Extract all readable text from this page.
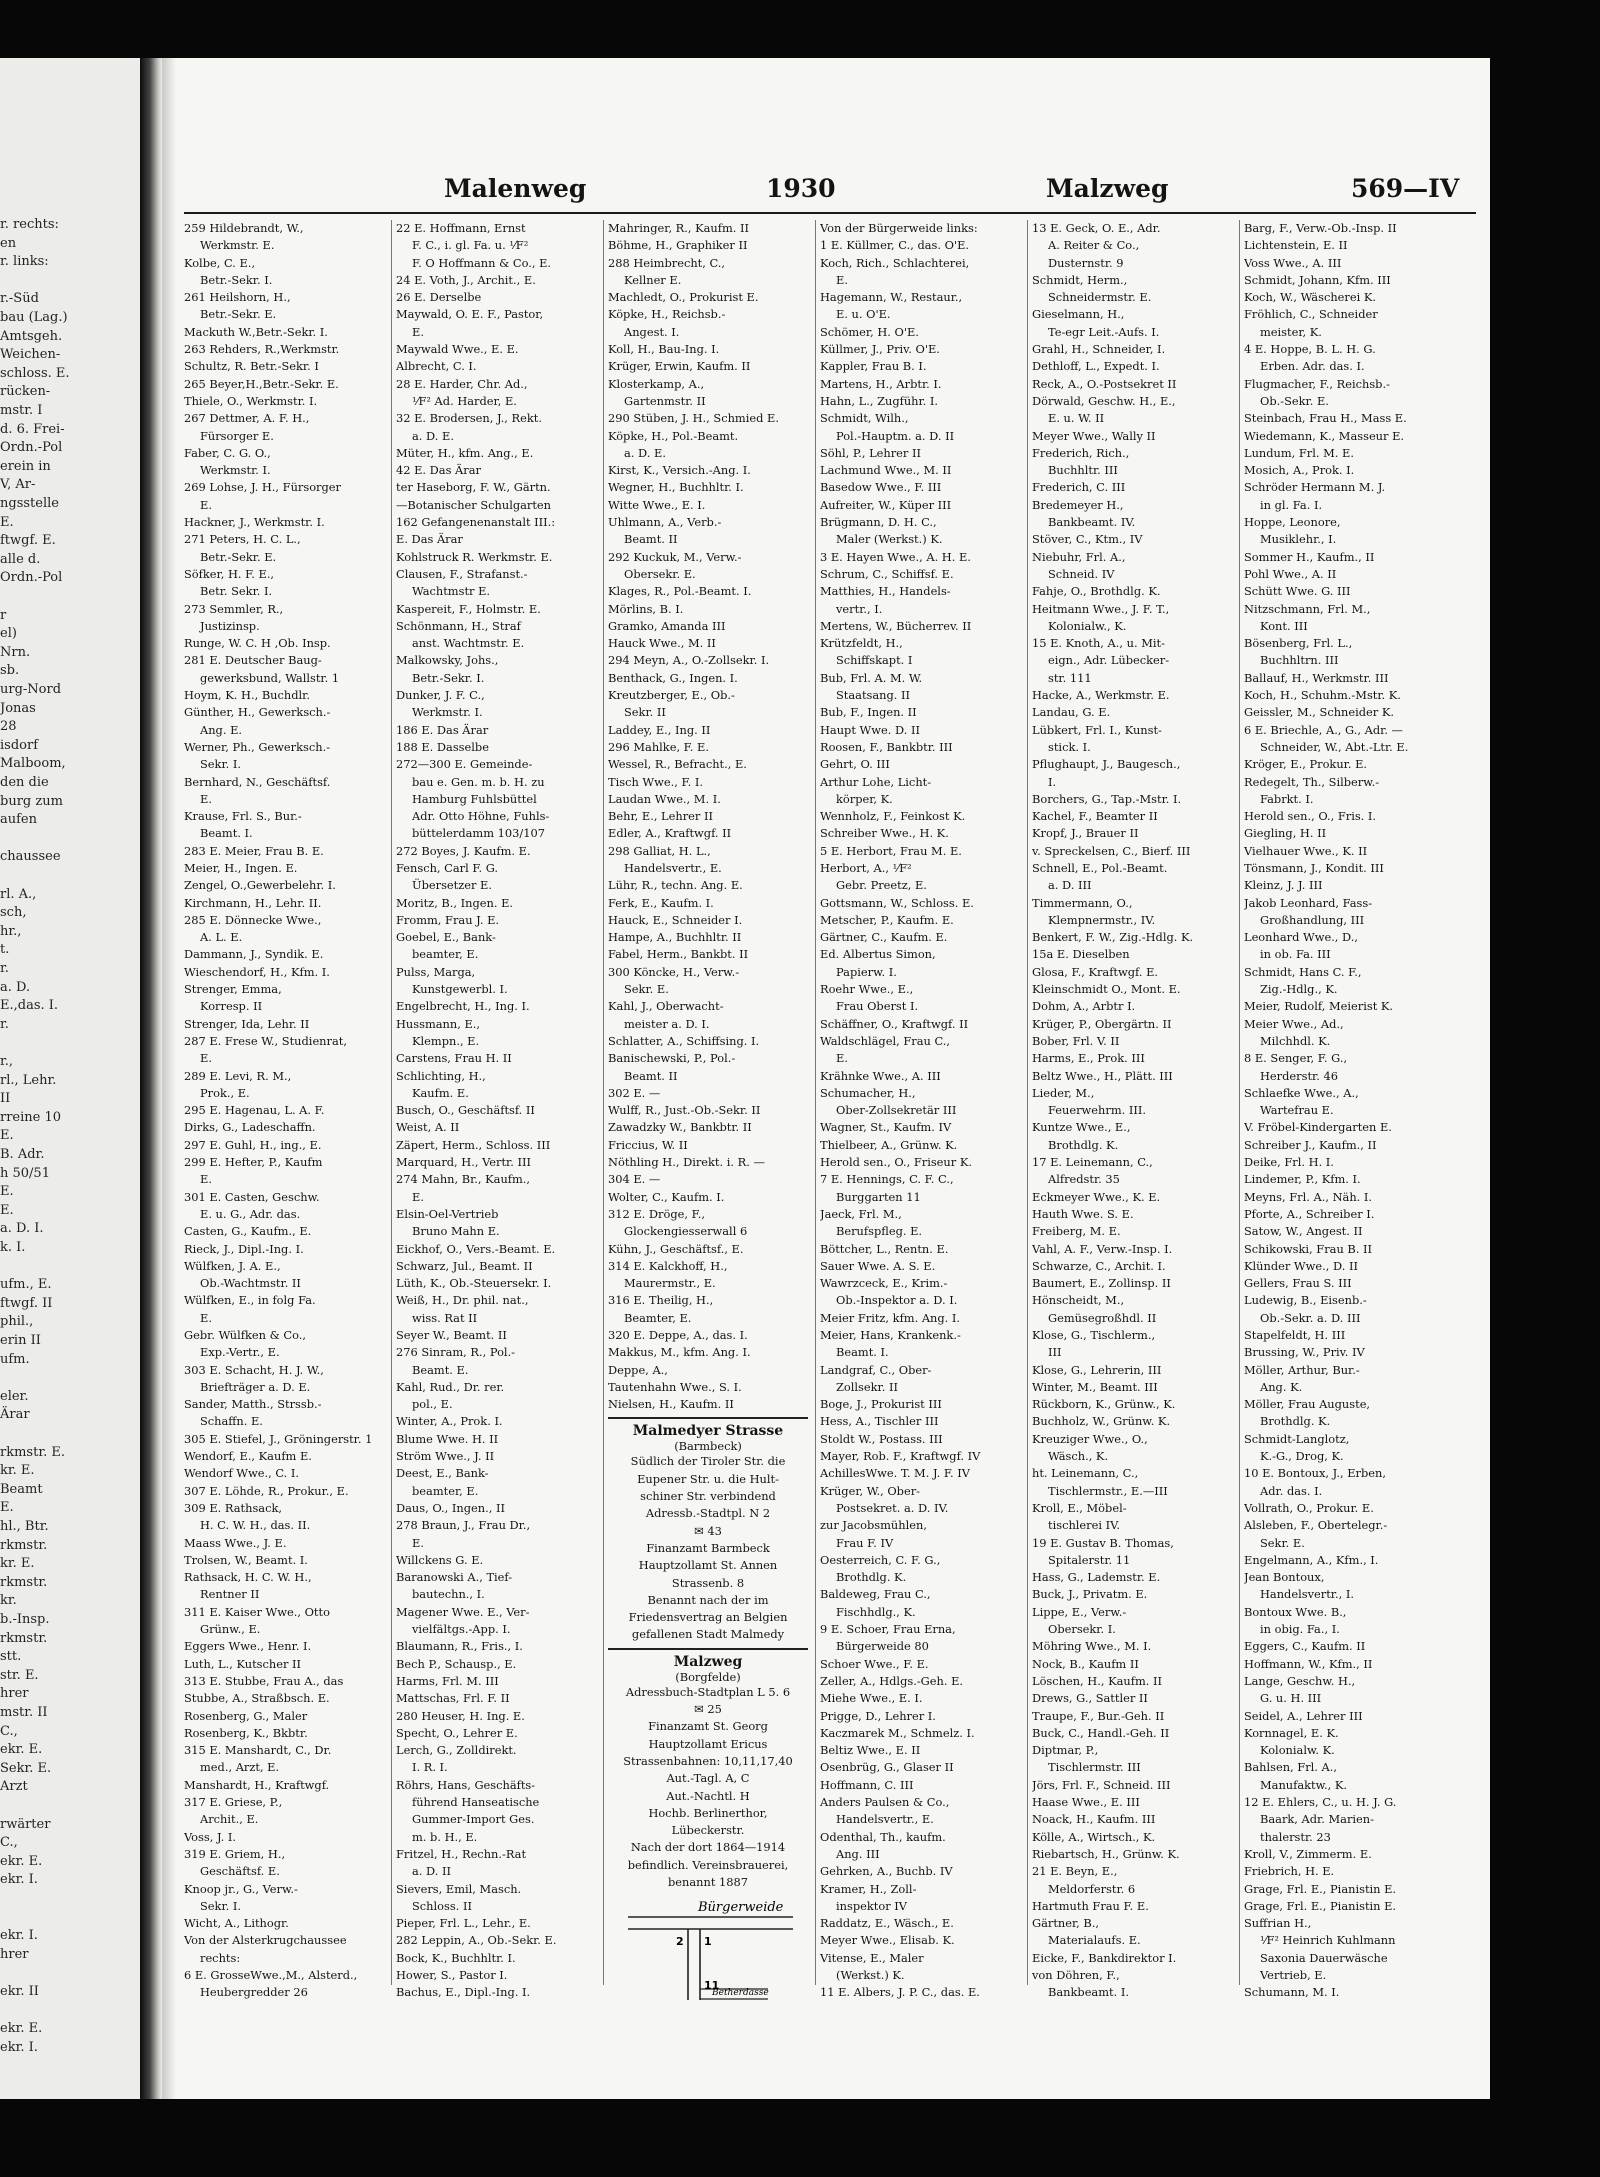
r. rechts:
en
r. links:
r.-Süd
bau (Lag.)
Amtsgeh.
Weichen-
schloss. E.
rücken-
mstr. I
d. 6. Frei-
Ordn.-Pol
erein in
V, Ar-
ngsstelle
E.
ftwgf. E.
alle d.
Ordn.-Pol
r
el)
Nrn.
sb.
urg-Nord
Jonas
28
isdorf
Malboom,
den die
burg zum
aufen
chaussee
rl. A.,
sch,
hr.,
t.
r.
a. D.
E.,das. I.
r.
r.,
rl., Lehr.
II
rreine 10
E.
B. Adr.
h 50/51
E.
E.
a. D. I.
k. I.
ufm., E.
ftwgf. II
phil.,
erin II
ufm.
eler.
Ärar
rkmstr. E.
kr. E.
Beamt
E.
hl., Btr.
rkmstr.
kr. E.
rkmstr.
kr.
b.-Insp.
rkmstr.
stt.
str. E.
hrer
mstr. II
C.,
ekr. E.
Sekr. E.
Arzt
rwärter
C.,
ekr. E.
ekr. I.
ekr. I.
hrer
ekr. II
ekr. E.
ekr. I.
Malenweg	1930	Malzweg	569—IV
259 Hildebrandt, W.,
Werkmstr. E.
Kolbe, C. E.,
Betr.-Sekr. I.
261 Heilshorn, H.,
Betr.-Sekr. E.
Mackuth W.,Betr.-Sekr. I.
263 Rehders, R.,Werkmstr.
Schultz, R. Betr.-Sekr. I
265 Beyer,H.,Betr.-Sekr. E.
Thiele, O., Werkmstr. I.
267 Dettmer, A. F. H.,
Fürsorger E.
Faber, C. G. O.,
Werkmstr. I.
269 Lohse, J. H., Fürsorger
E.
Hackner, J., Werkmstr. I.
271 Peters, H. C. L.,
Betr.-Sekr. E.
Söfker, H. F. E.,
Betr. Sekr. I.
273 Semmler, R.,
Justizinsp.
Runge, W. C. H ,Ob. Insp.
281 E. Deutscher Baug-
gewerksbund, Wallstr. 1
Hoym, K. H., Buchdlr.
Günther, H., Gewerksch.-
Ang. E.
Werner, Ph., Gewerksch.-
Sekr. I.
Bernhard, N., Geschäftsf.
E.
Krause, Frl. S., Bur.-
Beamt. I.
283 E. Meier, Frau B. E.
Meier, H., Ingen. E.
Zengel, O.,Gewerbelehr. I.
Kirchmann, H., Lehr. II.
285 E. Dönnecke Wwe.,
A. L. E.
Dammann, J., Syndik. E.
Wieschendorf, H., Kfm. I.
Strenger, Emma,
Korresp. II
Strenger, Ida, Lehr. II
287 E. Frese W., Studienrat,
E.
289 E. Levi, R. M.,
Prok., E.
295 E. Hagenau, L. A. F.
Dirks, G., Ladeschaffn.
297 E. Guhl, H., ing., E.
299 E. Hefter, P., Kaufm
E.
301 E. Casten, Geschw.
E. u. G., Adr. das.
Casten, G., Kaufm., E.
Rieck, J., Dipl.-Ing. I.
Wülfken, J. A. E.,
Ob.-Wachtmstr. II
Wülfken, E., in folg Fa.
E.
Gebr. Wülfken & Co.,
Exp.-Vertr., E.
303 E. Schacht, H. J. W.,
Briefträger a. D. E.
Sander, Matth., Strssb.-
Schaffn. E.
305 E. Stiefel, J., Gröningerstr. 1
Wendorf, E., Kaufm E.
Wendorf Wwe., C. I.
307 E. Löhde, R., Prokur., E.
309 E. Rathsack,
H. C. W. H., das. II.
Maass Wwe., J. E.
Trolsen, W., Beamt. I.
Rathsack, H. C. W. H.,
Rentner II
311 E. Kaiser Wwe., Otto
Grünw., E.
Eggers Wwe., Henr. I.
Luth, L., Kutscher II
313 E. Stubbe, Frau A., das
Stubbe, A., Straßbsch. E.
Rosenberg, G., Maler
Rosenberg, K., Bkbtr.
315 E. Manshardt, C., Dr.
med., Arzt, E.
Manshardt, H., Kraftwgf.
317 E. Griese, P.,
Archit., E.
Voss, J. I.
319 E. Griem, H.,
Geschäftsf. E.
Knoop jr., G., Verw.-
Sekr. I.
Wicht, A., Lithogr.
Von der Alsterkrugchaussee
rechts:
6 E. GrosseWwe.,M., Alsterd.,
Heubergredder 26
22 E. Hoffmann, Ernst
F. C., i. gl. Fa. u. ¹⁄F²
F. O Hoffmann & Co., E.
24 E. Voth, J., Archit., E.
26 E. Derselbe
Maywald, O. E. F., Pastor,
E.
Maywald Wwe., E. E.
Albrecht, C. I.
28 E. Harder, Chr. Ad.,
¹⁄F² Ad. Harder, E.
32 E. Brodersen, J., Rekt.
a. D. E.
Müter, H., kfm. Ang., E.
42 E. Das Ärar
ter Haseborg, F. W., Gärtn.
—Botanischer Schulgarten
162 Gefangenenanstalt III.:
E. Das Ärar
Kohlstruck R. Werkmstr. E.
Clausen, F., Strafanst.-
Wachtmstr E.
Kaspereit, F., Holmstr. E.
Schönmann, H., Straf
anst. Wachtmstr. E.
Malkowsky, Johs.,
Betr.-Sekr. I.
Dunker, J. F. C.,
Werkmstr. I.
186 E. Das Ärar
188 E. Dasselbe
272—300 E. Gemeinde-
bau e. Gen. m. b. H. zu
Hamburg Fuhlsbüttel
Adr. Otto Höhne, Fuhls-
büttelerdamm 103/107
272 Boyes, J. Kaufm. E.
Fensch, Carl F. G.
Übersetzer E.
Moritz, B., Ingen. E.
Fromm, Frau J. E.
Goebel, E., Bank-
beamter, E.
Pulss, Marga,
Kunstgewerbl. I.
Engelbrecht, H., Ing. I.
Hussmann, E.,
Klempn., E.
Carstens, Frau H. II
Schlichting, H.,
Kaufm. E.
Busch, O., Geschäftsf. II
Weist, A. II
Zäpert, Herm., Schloss. III
Marquard, H., Vertr. III
274 Mahn, Br., Kaufm.,
E.
Elsin-Oel-Vertrieb
Bruno Mahn E.
Eickhof, O., Vers.-Beamt. E.
Schwarz, Jul., Beamt. II
Lüth, K., Ob.-Steuersekr. I.
Weiß, H., Dr. phil. nat.,
wiss. Rat II
Seyer W., Beamt. II
276 Sinram, R., Pol.-
Beamt. E.
Kahl, Rud., Dr. rer.
pol., E.
Winter, A., Prok. I.
Blume Wwe. H. II
Ström Wwe., J. II
Deest, E., Bank-
beamter, E.
Daus, O., Ingen., II
278 Braun, J., Frau Dr.,
E.
Willckens G. E.
Baranowski A., Tief-
bautechn., I.
Magener Wwe. E., Ver-
vielfältgs.-App. I.
Blaumann, R., Fris., I.
Bech P., Schausp., E.
Harms, Frl. M. III
Mattschas, Frl. F. II
280 Heuser, H. Ing. E.
Specht, O., Lehrer E.
Lerch, G., Zolldirekt.
I. R. I.
Röhrs, Hans, Geschäfts-
führend Hanseatische
Gummer-Import Ges.
m. b. H., E.
Fritzel, H., Rechn.-Rat
a. D. II
Sievers, Emil, Masch.
Schloss. II
Pieper, Frl. L., Lehr., E.
282 Leppin, A., Ob.-Sekr. E.
Bock, K., Buchhltr. I.
Hower, S., Pastor I.
Bachus, E., Dipl.-Ing. I.
Mahringer, R., Kaufm. II
Böhme, H., Graphiker II
288 Heimbrecht, C.,
Kellner E.
Machledt, O., Prokurist E.
Köpke, H., Reichsb.-
Angest. I.
Koll, H., Bau-Ing. I.
Krüger, Erwin, Kaufm. II
Klosterkamp, A.,
Gartenmstr. II
290 Stüben, J. H., Schmied E.
Köpke, H., Pol.-Beamt.
a. D. E.
Kirst, K., Versich.-Ang. I.
Wegner, H., Buchhltr. I.
Witte Wwe., E. I.
Uhlmann, A., Verb.-
Beamt. II
292 Kuckuk, M., Verw.-
Obersekr. E.
Klages, R., Pol.-Beamt. I.
Mörlins, B. I.
Gramko, Amanda III
Hauck Wwe., M. II
294 Meyn, A., O.-Zollsekr. I.
Benthack, G., Ingen. I.
Kreutzberger, E., Ob.-
Sekr. II
Laddey, E., Ing. II
296 Mahlke, F. E.
Wessel, R., Befracht., E.
Tisch Wwe., F. I.
Laudan Wwe., M. I.
Behr, E., Lehrer II
Edler, A., Kraftwgf. II
298 Galliat, H. L.,
Handelsvertr., E.
Lühr, R., techn. Ang. E.
Ferk, E., Kaufm. I.
Hauck, E., Schneider I.
Hampe, A., Buchhltr. II
Fabel, Herm., Bankbt. II
300 Köncke, H., Verw.-
Sekr. E.
Kahl, J., Oberwacht-
meister a. D. I.
Schlatter, A., Schiffsing. I.
Banischewski, P., Pol.-
Beamt. II
302 E. —
Wulff, R., Just.-Ob.-Sekr. II
Zawadzky W., Bankbtr. II
Friccius, W. II
Nöthling H., Direkt. i. R. —
304 E. —
Wolter, C., Kaufm. I.
312 E. Dröge, F.,
Glockengiesserwall 6
Kühn, J., Geschäftsf., E.
314 E. Kalckhoff, H.,
Maurermstr., E.
316 E. Theilig, H.,
Beamter, E.
320 E. Deppe, A., das. I.
Makkus, M., kfm. Ang. I.
Deppe, A.,
Tautenhahn Wwe., S. I.
Nielsen, H., Kaufm. II
Malmedyer Strasse
(Barmbeck)
Südlich der Tiroler Str. die
Eupener Str. u. die Hult-
schiner Str. verbindend
Adressb.-Stadtpl. N 2
✉ 43
Finanzamt Barmbeck
Hauptzollamt St. Annen
Strassenb. 8
Benannt nach der im
Friedensvertrag an Belgien
gefallenen Stadt Malmedy
Malzweg
(Borgfelde)
Adressbuch-Stadtplan L 5. 6
✉ 25
Finanzamt St. Georg
Hauptzollamt Ericus
Strassenbahnen: 10,11,17,40
Aut.-Tagl. A, C
Aut.-Nachtl. H
Hochb. Berlinerthor,
Lübeckerstr.
Nach der dort 1864—1914
befindlich. Vereinsbrauerei,
benannt 1887
Bürgerweide
Betherdasse
2 1
11
Von der Bürgerweide links:
1 E. Küllmer, C., das. O'E.
Koch, Rich., Schlachterei,
E.
Hagemann, W., Restaur.,
E. u. O'E.
Schömer, H. O'E.
Küllmer, J., Priv. O'E.
Kappler, Frau B. I.
Martens, H., Arbtr. I.
Hahn, L., Zugführ. I.
Schmidt, Wilh.,
Pol.-Hauptm. a. D. II
Söhl, P., Lehrer II
Lachmund Wwe., M. II
Basedow Wwe., F. III
Aufreiter, W., Küper III
Brügmann, D. H. C.,
Maler (Werkst.) K.
3 E. Hayen Wwe., A. H. E.
Schrum, C., Schiffsf. E.
Matthies, H., Handels-
vertr., I.
Mertens, W., Bücherrev. II
Krützfeldt, H.,
Schiffskapt. I
Bub, Frl. A. M. W.
Staatsang. II
Bub, F., Ingen. II
Haupt Wwe. D. II
Roosen, F., Bankbtr. III
Gehrt, O. III
Arthur Lohe, Licht-
körper, K.
Wennholz, F., Feinkost K.
Schreiber Wwe., H. K.
5 E. Herbort, Frau M. E.
Herbort, A., ¹⁄F²
Gebr. Preetz, E.
Gottsmann, W., Schloss. E.
Metscher, P., Kaufm. E.
Gärtner, C., Kaufm. E.
Ed. Albertus Simon,
Papierw. I.
Roehr Wwe., E.,
Frau Oberst I.
Schäffner, O., Kraftwgf. II
Waldschlägel, Frau C.,
E.
Krähnke Wwe., A. III
Schumacher, H.,
Ober-Zollsekretär III
Wagner, St., Kaufm. IV
Thielbeer, A., Grünw. K.
Herold sen., O., Friseur K.
7 E. Hennings, C. F. C.,
Burggarten 11
Jaeck, Frl. M.,
Berufspfleg. E.
Böttcher, L., Rentn. E.
Sauer Wwe. A. S. E.
Wawrzceck, E., Krim.-
Ob.-Inspektor a. D. I.
Meier Fritz, kfm. Ang. I.
Meier, Hans, Krankenk.-
Beamt. I.
Landgraf, C., Ober-
Zollsekr. II
Boge, J., Prokurist III
Hess, A., Tischler III
Stoldt W., Postass. III
Mayer, Rob. F., Kraftwgf. IV
AchillesWwe. T. M. J. F. IV
Krüger, W., Ober-
Postsekret. a. D. IV.
zur Jacobsmühlen,
Frau F. IV
Oesterreich, C. F. G.,
Brothdlg. K.
Baldeweg, Frau C.,
Fischhdlg., K.
9 E. Schoer, Frau Erna,
Bürgerweide 80
Schoer Wwe., F. E.
Zeller, A., Hdlgs.-Geh. E.
Miehe Wwe., E. I.
Prigge, D., Lehrer I.
Kaczmarek M., Schmelz. I.
Beltiz Wwe., E. II
Osenbrüg, G., Glaser II
Hoffmann, C. III
Anders Paulsen & Co.,
Handelsvertr., E.
Odenthal, Th., kaufm.
Ang. III
Gehrken, A., Buchb. IV
Kramer, H., Zoll-
inspektor IV
Raddatz, E., Wäsch., E.
Meyer Wwe., Elisab. K.
Vitense, E., Maler
(Werkst.) K.
11 E. Albers, J. P. C., das. E.
13 E. Geck, O. E., Adr.
A. Reiter & Co.,
Dusternstr. 9
Schmidt, Herm.,
Schneidermstr. E.
Gieselmann, H.,
Te-egr Leit.-Aufs. I.
Grahl, H., Schneider, I.
Dethloff, L., Expedt. I.
Reck, A., O.-Postsekret II
Dörwald, Geschw. H., E.,
E. u. W. II
Meyer Wwe., Wally II
Frederich, Rich.,
Buchhltr. III
Frederich, C. III
Bredemeyer H.,
Bankbeamt. IV.
Stöver, C., Ktm., IV
Niebuhr, Frl. A.,
Schneid. IV
Fahje, O., Brothdlg. K.
Heitmann Wwe., J. F. T.,
Kolonialw., K.
15 E. Knoth, A., u. Mit-
eign., Adr. Lübecker-
str. 111
Hacke, A., Werkmstr. E.
Landau, G. E.
Lübkert, Frl. I., Kunst-
stick. I.
Pflughaupt, J., Baugesch.,
I.
Borchers, G., Tap.-Mstr. I.
Kachel, F., Beamter II
Kropf, J., Brauer II
v. Spreckelsen, C., Bierf. III
Schnell, E., Pol.-Beamt.
a. D. III
Timmermann, O.,
Klempnermstr., IV.
Benkert, F. W., Zig.-Hdlg. K.
15a E. Dieselben
Glosa, F., Kraftwgf. E.
Kleinschmidt O., Mont. E.
Dohm, A., Arbtr I.
Krüger, P., Obergärtn. II
Bober, Frl. V. II
Harms, E., Prok. III
Beltz Wwe., H., Plätt. III
Lieder, M.,
Feuerwehrm. III.
Kuntze Wwe., E.,
Brothdlg. K.
17 E. Leinemann, C.,
Alfredstr. 35
Eckmeyer Wwe., K. E.
Hauth Wwe. S. E.
Freiberg, M. E.
Vahl, A. F., Verw.-Insp. I.
Schwarze, C., Archit. I.
Baumert, E., Zollinsp. II
Hönscheidt, M.,
Gemüsegroßhdl. II
Klose, G., Tischlerm.,
III
Klose, G., Lehrerin, III
Winter, M., Beamt. III
Rückborn, K., Grünw., K.
Buchholz, W., Grünw. K.
Kreuziger Wwe., O.,
Wäsch., K.
ht. Leinemann, C.,
Tischlermstr., E.—III
Kroll, E., Möbel-
tischlerei IV.
19 E. Gustav B. Thomas,
Spitalerstr. 11
Hass, G., Lademstr. E.
Buck, J., Privatm. E.
Lippe, E., Verw.-
Obersekr. I.
Möhring Wwe., M. I.
Nock, B., Kaufm II
Löschen, H., Kaufm. II
Drews, G., Sattler II
Traupe, F., Bur.-Geh. II
Buck, C., Handl.-Geh. II
Diptmar, P.,
Tischlermstr. III
Jörs, Frl. F., Schneid. III
Haase Wwe., E. III
Noack, H., Kaufm. III
Kölle, A., Wirtsch., K.
Riebartsch, H., Grünw. K.
21 E. Beyn, E.,
Meldorferstr. 6
Hartmuth Frau F. E.
Gärtner, B.,
Materialaufs. E.
Eicke, F., Bankdirektor I.
von Döhren, F.,
Bankbeamt. I.
Barg, F., Verw.-Ob.-Insp. II
Lichtenstein, E. II
Voss Wwe., A. III
Schmidt, Johann, Kfm. III
Koch, W., Wäscherei K.
Fröhlich, C., Schneider
meister, K.
4 E. Hoppe, B. L. H. G.
Erben. Adr. das. I.
Flugmacher, F., Reichsb.-
Ob.-Sekr. E.
Steinbach, Frau H., Mass E.
Wiedemann, K., Masseur E.
Lundum, Frl. M. E.
Mosich, A., Prok. I.
Schröder Hermann M. J.
in gl. Fa. I.
Hoppe, Leonore,
Musiklehr., I.
Sommer H., Kaufm., II
Pohl Wwe., A. II
Schütt Wwe. G. III
Nitzschmann, Frl. M.,
Kont. III
Bösenberg, Frl. L.,
Buchhltrn. III
Ballauf, H., Werkmstr. III
Koch, H., Schuhm.-Mstr. K.
Geissler, M., Schneider K.
6 E. Briechle, A., G., Adr. —
Schneider, W., Abt.-Ltr. E.
Kröger, E., Prokur. E.
Redegelt, Th., Silberw.-
Fabrkt. I.
Herold sen., O., Fris. I.
Giegling, H. II
Vielhauer Wwe., K. II
Tönsmann, J., Kondit. III
Kleinz, J. J. III
Jakob Leonhard, Fass-
Großhandlung, III
Leonhard Wwe., D.,
in ob. Fa. III
Schmidt, Hans C. F.,
Zig.-Hdlg., K.
Meier, Rudolf, Meierist K.
Meier Wwe., Ad.,
Milchhdl. K.
8 E. Senger, F. G.,
Herderstr. 46
Schlaefke Wwe., A.,
Wartefrau E.
V. Fröbel-Kindergarten E.
Schreiber J., Kaufm., II
Deike, Frl. H. I.
Lindemer, P., Kfm. I.
Meyns, Frl. A., Näh. I.
Pforte, A., Schreiber I.
Satow, W., Angest. II
Schikowski, Frau B. II
Klünder Wwe., D. II
Gellers, Frau S. III
Ludewig, B., Eisenb.-
Ob.-Sekr. a. D. III
Stapelfeldt, H. III
Brussing, W., Priv. IV
Möller, Arthur, Bur.-
Ang. K.
Möller, Frau Auguste,
Brothdlg. K.
Schmidt-Langlotz,
K.-G., Drog, K.
10 E. Bontoux, J., Erben,
Adr. das. I.
Vollrath, O., Prokur. E.
Alsleben, F., Obertelegr.-
Sekr. E.
Engelmann, A., Kfm., I.
Jean Bontoux,
Handelsvertr., I.
Bontoux Wwe. B.,
in obig. Fa., I.
Eggers, C., Kaufm. II
Hoffmann, W., Kfm., II
Lange, Geschw. H.,
G. u. H. III
Seidel, A., Lehrer III
Kornnagel, E. K.
Kolonialw. K.
Bahlsen, Frl. A.,
Manufaktw., K.
12 E. Ehlers, C., u. H. J. G.
Baark, Adr. Marien-
thalerstr. 23
Kroll, V., Zimmerm. E.
Friebrich, H. E.
Grage, Frl. E., Pianistin E.
Grage, Frl. E., Pianistin E.
Suffrian H.,
¹⁄F² Heinrich Kuhlmann
Saxonia Dauerwäsche
Vertrieb, E.
Schumann, M. I.
